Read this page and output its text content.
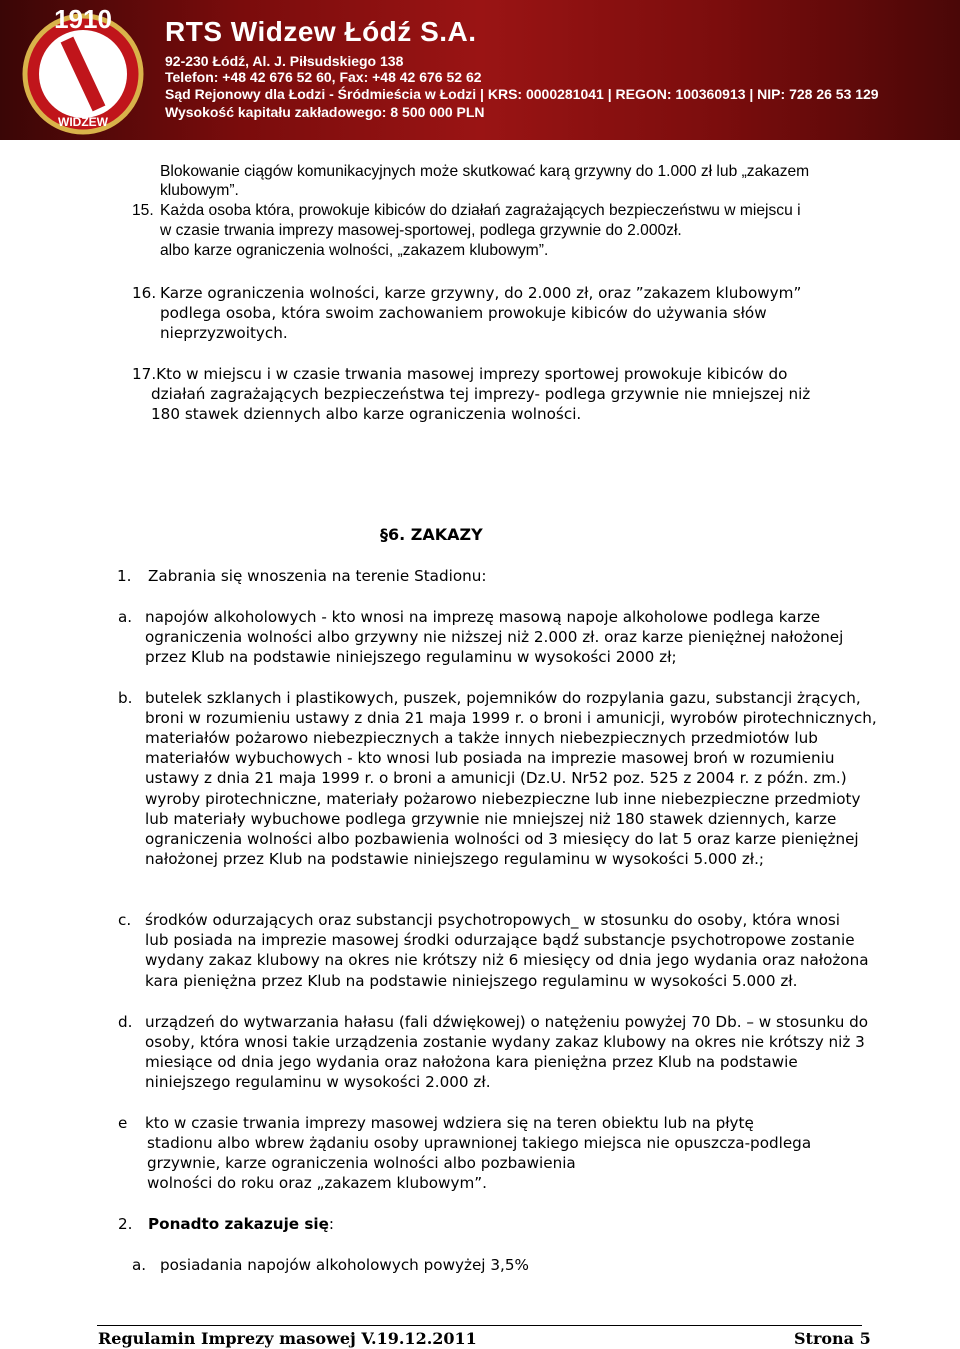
1910
WIDZEW
RTS Widzew Łódź S.A.
92-230 Łódź, Al. J. Piłsudskiego 138
Telefon: +48 42 676 52 60, Fax: +48 42 676 52 62
Sąd Rejonowy dla Łodzi - Śródmieścia w Łodzi | KRS: 0000281041 | REGON: 100360913 | NIP: 728 26 53 129
Wysokość kapitału zakładowego: 8 500 000 PLN
Blokowanie ciągów komunikacyjnych może skutkować karą grzywny do 1.000 zł lub „zakazem
klubowym”.
15. Każda osoba która, prowokuje kibiców do działań zagrażających bezpieczeństwu w miejscu i
w czasie trwania imprezy masowej-sportowej, podlega grzywnie do 2.000zł.
albo karze ograniczenia wolności, „zakazem klubowym”.
16. Karze ograniczenia wolności, karze grzywny, do 2.000 zł, oraz ”zakazem klubowym”
podlega osoba, która swoim zachowaniem prowokuje kibiców do używania słów
nieprzyzwoitych.
17.Kto w miejscu i w czasie trwania masowej imprezy sportowej prowokuje kibiców do
działań zagrażających bezpieczeństwa tej imprezy- podlega grzywnie nie mniejszej niż
180 stawek dziennych albo karze ograniczenia wolności.
§6. ZAKAZY
1. Zabrania się wnoszenia na terenie Stadionu:
a. napojów alkoholowych - kto wnosi na imprezę masową napoje alkoholowe podlega karze
ograniczenia wolności albo grzywny nie niższej niż 2.000 zł. oraz karze pieniężnej nałożonej
przez Klub na podstawie niniejszego regulaminu w wysokości 2000 zł;
b. butelek szklanych i plastikowych, puszek, pojemników do rozpylania gazu, substancji żrących,
broni w rozumieniu ustawy z dnia 21 maja 1999 r. o broni i amunicji, wyrobów pirotechnicznych,
materiałów pożarowo niebezpiecznych a także innych niebezpiecznych przedmiotów lub
materiałów wybuchowych - kto wnosi lub posiada na imprezie masowej broń w rozumieniu
ustawy z dnia 21 maja 1999 r. o broni a amunicji (Dz.U. Nr52 poz. 525 z 2004 r. z późn. zm.)
wyroby pirotechniczne, materiały pożarowo niebezpieczne lub inne niebezpieczne przedmioty
lub materiały wybuchowe podlega grzywnie nie mniejszej niż 180 stawek dziennych, karze
ograniczenia wolności albo pozbawienia wolności od 3 miesięcy do lat 5 oraz karze pieniężnej
nałożonej przez Klub na podstawie niniejszego regulaminu w wysokości 5.000 zł.;
c. środków odurzających oraz substancji psychotropowych_ w stosunku do osoby, która wnosi
lub posiada na imprezie masowej środki odurzające bądź substancje psychotropowe zostanie
wydany zakaz klubowy na okres nie krótszy niż 6 miesięcy od dnia jego wydania oraz nałożona
kara pieniężna przez Klub na podstawie niniejszego regulaminu w wysokości 5.000 zł.
d. urządzeń do wytwarzania hałasu (fali dźwiękowej) o natężeniu powyżej 70 Db. – w stosunku do
osoby, która wnosi takie urządzenia zostanie wydany zakaz klubowy na okres nie krótszy niż 3
miesiące od dnia jego wydania oraz nałożona kara pieniężna przez Klub na podstawie
niniejszego regulaminu w wysokości 2.000 zł.
e kto w czasie trwania imprezy masowej wdziera się na teren obiektu lub na płytę
stadionu albo wbrew żądaniu osoby uprawnionej takiego miejsca nie opuszcza-podlega
grzywnie, karze ograniczenia wolności albo pozbawienia
wolności do roku oraz „zakazem klubowym”.
2. Ponadto zakazuje się:
a. posiadania napojów alkoholowych powyżej 3,5%
Regulamin Imprezy masowej V.19.12.2011	Strona 5
